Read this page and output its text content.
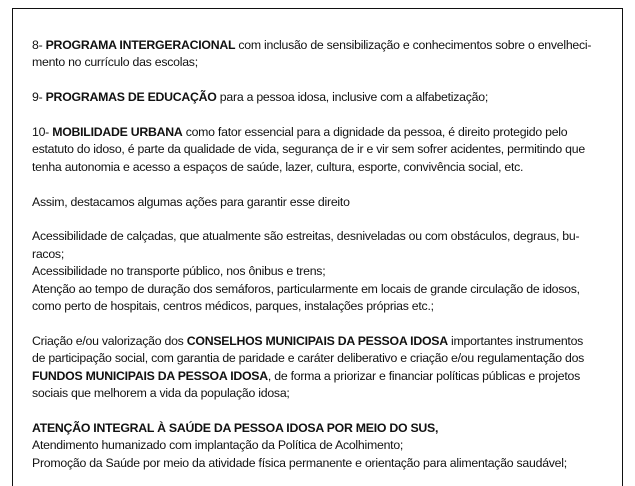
8- PROGRAMA INTERGERACIONAL com inclusão de sensibilização e conhecimentos sobre o envelheci-
mento no currículo das escolas;

9- PROGRAMAS DE EDUCAÇÃO para a pessoa idosa, inclusive com a alfabetização;

10- MOBILIDADE URBANA como fator essencial para a dignidade da pessoa, é direito protegido pelo
estatuto do idoso, é parte da qualidade de vida, segurança de ir e vir sem sofrer acidentes, permitindo que
tenha autonomia e acesso a espaços de saúde, lazer, cultura, esporte, convivência social, etc.

Assim, destacamos algumas ações para garantir esse direito

Acessibilidade de calçadas, que atualmente são estreitas, desniveladas ou com obstáculos, degraus, bu-
racos;
Acessibilidade no transporte público, nos ônibus e trens;
Atenção ao tempo de duração dos semáforos, particularmente em locais de grande circulação de idosos,
como perto de hospitais, centros médicos, parques, instalações próprias etc.;

Criação e/ou valorização dos CONSELHOS MUNICIPAIS DA PESSOA IDOSA importantes instrumentos
de participação social, com garantia de paridade e caráter deliberativo e criação e/ou regulamentação dos
FUNDOS MUNICIPAIS DA PESSOA IDOSA, de forma a priorizar e financiar políticas públicas e projetos
sociais que melhorem a vida da população idosa;

ATENÇÃO INTEGRAL À SAÚDE DA PESSOA IDOSA POR MEIO DO SUS,
Atendimento humanizado com implantação da Política de Acolhimento;
Promoção da Saúde por meio da atividade física permanente e orientação para alimentação saudável;
